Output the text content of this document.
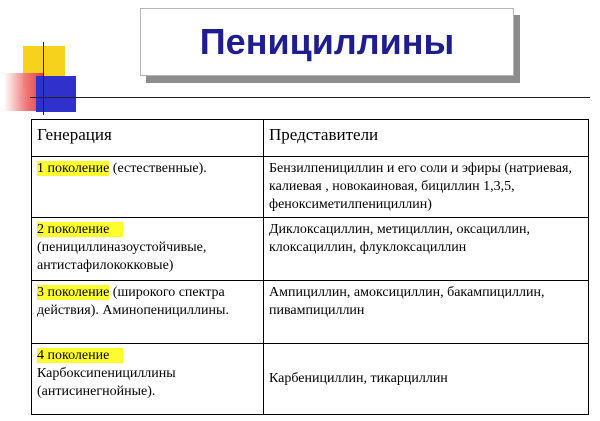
Пенициллины
Генерация	Представители
1 поколение (естественные).	Бензилпенициллин и его соли и эфиры (натриевая, калиевая , новокаиновая, бициллин 1,3,5, феноксиметилпенициллин)
2 поколение
(пенициллиназоустойчивые, антистафилококковые)	Диклоксациллин, метициллин, оксациллин, клоксациллин, флуклоксациллин
3 поколение (широкого спектра действия). Аминопенициллины.	Ампициллин, амоксициллин, бакампициллин, пивампициллин
4 поколение
Карбоксипенициллины (антисинегнойные).	Карбенициллин, тикарциллин
